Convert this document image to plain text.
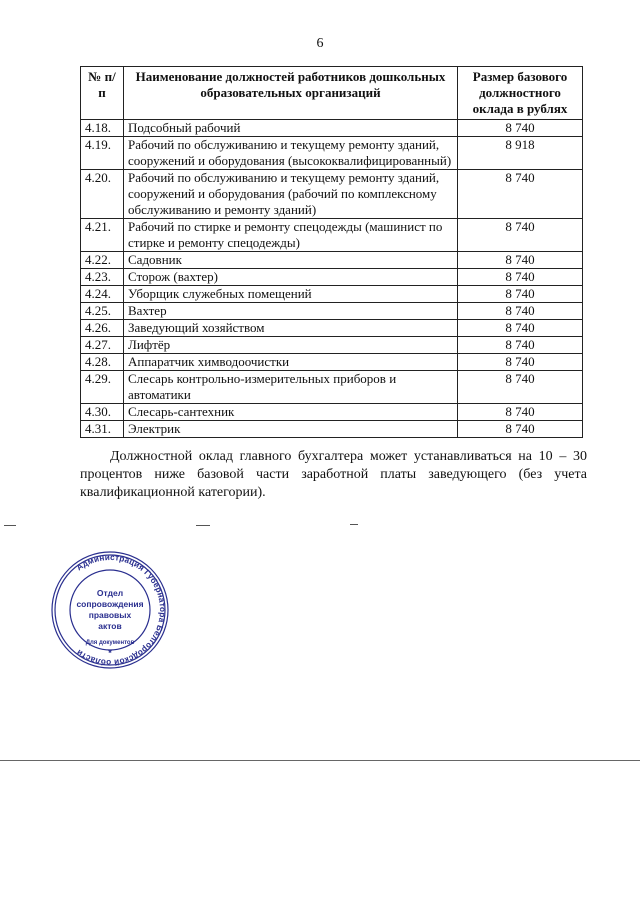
6
№ п/п	Наименование должностей работников дошкольных образовательных организаций	Размер базового должностного оклада в рублях
4.18.	Подсобный рабочий	8 740
4.19.	Рабочий по обслуживанию и текущему ремонту зданий, сооружений и оборудования (высококвалифицированный)	8 918
4.20.	Рабочий по обслуживанию и текущему ремонту зданий, сооружений и оборудования (рабочий по комплексному обслуживанию и ремонту зданий)	8 740
4.21.	Рабочий по стирке и ремонту спецодежды (машинист по стирке и ремонту спецодежды)	8 740
4.22.	Садовник	8 740
4.23.	Сторож (вахтер)	8 740
4.24.	Уборщик служебных помещений	8 740
4.25.	Вахтер	8 740
4.26.	Заведующий хозяйством	8 740
4.27.	Лифтёр	8 740
4.28.	Аппаратчик химводоочистки	8 740
4.29.	Слесарь контрольно-измерительных приборов и автоматики	8 740
4.30.	Слесарь-сантехник	8 740
4.31.	Электрик	8 740
Должностной оклад главного бухгалтера может устанавливаться на 10 – 30 процентов ниже базовой части заработной платы заведующего (без учета квалификационной категории).
Администрация Губернатора Белгородской области
Отдел
сопровождения
правовых
актов
Для документов
*
